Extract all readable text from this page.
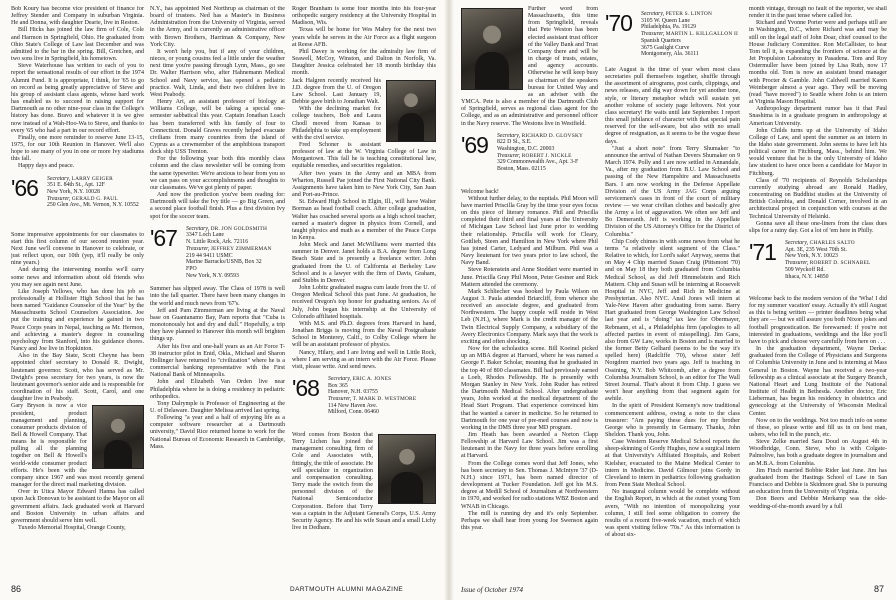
Bob Koury has become vice president of finance for Jeffrey Stender and Company in suburban Virginia. He and Donna, with daughter Dearie, live in Reston.

Bill Hicks has joined the law firm of Cole, Cole and Harmon in Springfield, Ohio. He graduated from Ohio State's College of Law last December and was admitted to the bar in the spring. Bill, Gretchen, and two sons live in Springfield, his hometown.

Steve Waterhouse has written to each of you to report the sensational results of our effort in the 1974 Alumni Fund. It is appropriate, I think, for '65 to go on record as being greatly appreciative of Steve and his group of assistant class agents, whose hard work has enabled us to succeed in raising support for Dartmouth as no other nine-year class in the College's history has done. Bravo and whatever it is we give now instead of a Wah-Hoo-Wa to Steve, and thanks to every '65 who had a part in our record effort.

Finally, one more reminder to reserve June 13-15, 1975, for our 10th Reunion in Hanover. We'll also hope to see many of you in one or more Ivy stadiums this fall.

Happy days and peace.

'66 Secretary, LARRY GEIGER
351 E. 84th St., Apt. 12F
New York, N.Y. 10028
Treasurer, GERALD G. PAUL
250 Glen Ave., Mt. Vernon, N.Y. 10552

Some impressive appointments for our classmates to start this first column of our second reunion year. Next June we'll convene in Hanover to celebrate, or just reflect upon, our 10th (yep, it'll really be only nine years.)

And during the intervening months we'll carry some news and information about old friends who you may see again next June.

Like Joseph Yellows, who has done his job so professionally at Hollister High School that he has been named "Guidance Counselor of the Year" by the Massachusetts School Counselors Association. Joe put the training and experience he gained in two Peace Corps years in Nepal, teaching as Mr. Hermon, and achieving a master's degree in counseling psychology from Stanford, into his guidance chores. Nancy and Joe live in Hopkinton.

Also in the Bay State, Scott Cheyne has been appointed chief secretary to Donald R. Dwight, lieutenant governor. Scott, who has served as Mr. Dwight's press secretary for two years, is now the lieutenant governor's senior aide and is responsible for coordination of his staff. Scott, Carol, and one daughter live in Peabody.

Gary Bryson is now a vice president, product management and planning, consumer products division of Bell & Howell Company. That means he is responsible for pulling all the planning together on Bell & Howell's world-wide consumer product efforts. He's been with the company since 1967 and was most recently general manager for the direct mail marketing division.

Over in Utica Mayor Edward Hanna has called upon Jack Donovan to be assistant to the Mayor on all government affairs. Jack graduated work at Harvard and Boston University in urban affairs and government should serve him well.

Tuxedo Memorial Hospital, Orange County,

N.Y., has appointed Ned Northrup as chairman of the board of trustees. Ned has a Master's in Business Administration from the University of Virginia, served in the Army, and is currently an administrative officer with Brown Brothers, Harriman & Company, New York City.

It won't help you, but if any of your children, nieces, or young cousins feel a little under the weather next time you're passing through Lynn, Mass., go see Dr. Walter Harrison who, after Hahnemann Medical School and Navy service, has opened a pediatric practice. Walt, Linda, and their two children live in West Peabody.

Henry Art, an assistant professor of biology at Williams College, will be taking a special one-semester sabbatical this year. Captain Jonathan Leach has been transferred with his family of four to Connecticut. Donald Graves recently helped evacuate civilians from many countries from the island of Cyprus as a crewmember of the amphibious transport dock ship USS Trenton.

For the following year both this monthly class column and the class newsletter will be coming from the same typewriter. We're anxious to hear from you so we can pass on your accomplishments and thoughts to our classmates. We've got plenty of paper.

And now the prediction you've been reading for: Dartmouth will take the Ivy title — go Big Green, and a second place football finish. Plus a first division Ivy spot for the soccer team.

'67 Secretary, DR. JON GOLDSMITH
3347 Loch Lane
N. Little Rock, Ark. 72116
Treasurer, JEFFREY ZIMMERMAN
219 44 9411 USMC
Marine Barracks/USNB, Box 32
FPO
New York, N.Y. 09593

Summer has slipped away. The Class of 1978 is well into the fall quarter. There have been many changes in the world and much news from '67's.

Jeff and Pam Zimmerman are living at the Naval base on Guantanamo Bay, Pam reports that "Cuba is monotonously hot and dry and dull." Hopefully, a trip they have planned to Hanover this month will brighten things up.

After his five and one-half years as an Air Force T-38 instructor pilot in Enid, Okla., Michael and Sharon Hollinger have returned to "civilization" where he is a commercial banking representative with the First National Bank of Minneapolis.

John and Elizabeth Van Orden live near Philadelphia where he is doing a residency in pediatric orthopedics.

Tony Dalrymple is Professor of Engineering at the U. of Delaware. Daughter Melissa arrived last spring.

Following "a year and a half of enjoying life as a computer software researcher at a Dartmouth university," David Rice returned home to work for the National Bureau of Economic Research in Cambridge, Mass.

Roger Branham is some four months into his four-year orthopedic surgery residency at the University Hospital in Madison, Wis.

Texas will be home for Wes Mabry for the next two years while he serves in the Air Force as a flight surgeon at Reese AFB.

Phil Davey is working for the admiralty law firm of Seawell, McCoy, Winston, and Dalton in Norfolk, Va. Daughter Jessica celebrated her 18 month birthday this month.

Jack Halgren recently received his J.D. degree from the U. of Oregon Law School. Last January 19, Debbie gave birth to Jonathan Walt.

With the declining market for college teachers, Bob and Laura Chodl moved from Kansas to Philadelphia to take up employment with the civil service.

Fred Schoner is assistant professor of law at the W. Virginia College of Law in Morgantown. This fall he is teaching constitutional law, equitable remedies, and securities regulation.

After two years in the Army and an MBA from Wharton, Russell Pae joined the First National City Bank. Assignments have taken him to New York City, San Juan and Port-au-Prince.

St. Edward High School in Elgin, Ill., will have Walter Borman as head football coach. After college graduation, Walter has coached several sports as a high school teacher, earned a master's degree in physics from Cornell, and taught physics and math as a member of the Peace Corps in Kenya.

John Meck and Janet McWilliams were married this summer in Denver. Janet holds a B.A. degree from Long Beach State and is presently a freelance writer. John graduated from the U. of California at Berkeley Law School and is a lawyer with the firm of Davis, Graham, and Stubbs in Denver.

John Lobitz graduated magna cum laude from the U. of Oregon Medical School this past June. At graduation, he received Oregon's top honor for graduating seniors. As of July, John began his internship at the University of Colorado affiliated hospitals.

With M.S. and Ph.D. degrees from Harvard in hand, Jonathan Briggs is moving from the Naval Postgraduate School in Monterey, Calif., to Colby College where he will be an assistant professor of physics.

Nancy, Hilary, and I are living and well in Little Rock, where I am serving as an intern with the Air Force. Please visit, please write. And send news.

'68 Secretary, ERIC A. JONES
Box 365
Hanover, N.H. 03755
Treasurer, T. MARK D. WESTMORE
114 New Haven Ave.
Milford, Conn. 06460

Word comes from Boston that Terry Lichen has joined the management consulting firm of Cole and Associates with, fittingly, the title of associate. He will specialize in organization and compensation consulting. Terry made the switch from the personnel division of the National Semiconductor Corporation. Before that Terry was a captain in the Adjutant General's Corps, U.S. Army Security Agency. He and his wife Susan and a small Lichy live in Dedham.

Further word from Massachusetts, this time from Springfield, reveals that Pete Weston has been elected assistant trust officer of the Valley Bank and Trust Company there and will be in charge of trusts, estates, and agency accounts. Otherwise he will keep busy as chairman of the speakers bureau for United Way and as an adviser with the YMCA. Pete is also a member of the Dartmouth Club of Springfield, serves as regional class agent for the College, and as an administrative and personnel officer in the Navy reserve. The Westons live in Westfield.

'69 Secretary, RICHARD D. GLOVSKY
822 D St., S.E.
Washington, D.C. 20003
Treasurer, ROBERT J. NICKLE
329 Commonwealth Ave., Apt. 3-F
Boston, Mass. 02115

Welcome back!

Without further delay, to the nuptials. Phil Moon will have married Priscilla Gray by the time your eyes focus on this piece of literary romance. Phil and Priscilla completed their third and final years at the University of Michigan Law School last June prior to wedding their relationship. Priscilla will work for Cleary, Gottlieb, Steen and Hamilton in New York where Phil has joined Carter, Ledyard and Milburn. Phil was a Navy lieutenant for two years prior to law school, the Navy Band.

Steve Rotenstein and Anne Stoddart were married in June. Priscilla Gray Phil Moon, Peter Gestner and Rick Mattern attended the ceremony.

Mark Schliecher was hooked by Paula Wilson on August 3. Paula attended Briarcliff, from whence she received an associate degree, and graduated from Northwestern. The happy couple will reside in West Leb (N.H.), where Mark is the credit manager of the Twin Electrical Supply Company, a subsidiary of the Avery Electronics Company. Mark says that the work is exciting and often shocking.

Now for the scholastics scene. Bill Koeinel picked up an MBA degree at Harvard, where he was named a George F. Baker Scholar, meaning that he graduated in the top 40 of 800 classmates. Bill had previously earned a Loeb, Rhodes Fellowship. He is presently with Morgan Stanley in New York. John Ruder has retired the Dartmouth Medical School. After undergraduate years, John worked at the medical department of the Head Start Program. That experience convinced him that he wanted a career in medicine. So he returned to Dartmouth for one year of pre-med courses and now is working in the DMS three year MD program.

Jim Heath has been awarded a Norton Clapp Fellowship at Harvard Law School. Jim was a first lieutenant in the Navy for three years before enrolling at Harvard.

From the College comes word that Jeff Jones, who has been secretary to Sen. Thomas J. McIntyre '37 (D-N.H.) since 1971, has been named director of development at Tucker Foundation. Jeff got his M.S. degree at Medill School of Journalism at Northwestern in 1970, and worked for radio stations WBZ Boston and WNAB in Chicago.

The mill is running dry and it's only September. Perhaps we shall hear from young Joe Swenson again this year.

'70 Secretary, PETER S. LINTON
3105 W. Queen Lane
Philadelphia, Pa. 19129
Treasurer, MARTIN L. KILLGALLON II
Spanish Quarters
3675 Gaslight Curve
Montgomery, Ala. 36111

Late August is the time of year when most class secretaries pull themselves together, shuffle through the assortment of airograms, post cards, clippings, and news releases, and dig way down for yet another tone, style, or literary metaphor which will sustain yet another volume of society page leftovers. Not your class secretary! He waits until late September. I report this small jubilance of character with that special pain reserved for the self-aware, but also with no small degree of resignation, as it seems to be the vogue these days.

"Just a short note" from Terry Shumaker "to announce the arrival of Nathan Devers Shumaker on 9 March 1974. Polly and I are now settled in Annandale, Va., after my graduation from B.U. Law School and passing of the New Hampshire and Massachusetts Bars. I am now working in the Defense Appellate Division of the US Army JAG Corps arguing servicemen's cases in front of the court of military review — we wear civilian clothes and basically give the Army a lot of aggravation. We often see Jeff and Bo Demeranth. Jeff is working in the Appellate Division of the US Attorney's Office for the District of Columbia."

Chip Cody chimes in with some news from what he terms "a relatively silent segment of the Class." Relative to which, for Lord's sake! Anyway, seems that on May 4 Chip married Susan Craig (Pittsmont '70) and on May 18 they both graduated from Columbia Medical School, as did Jeff Himmelstein and Rich Mattern. Chip and Susan will be interning at Roosevelt Hospital in NYC, Jeff and Rich in Medicine at Presbyterian. Also NYC. Ansil Jones will intern at Yale-New Haven after graduating from same. Barry Hart graduated from George Washington Law School last year and is "doing" tax law for Obermayer, Rebmann, et al., a Philadelphia firm (apologies to all affected parties in event of misspelling). Jim Gans, also from GW Law, works in Boston and is married to the former Betty Gelhard (seems to be the way it's spelled here) (Radcliffe '70), whose sister Jeff Norgdren married two years ago. Jeff is teaching in Ossining, N.Y. Bob Whitcomb, after a degree from Columbia Journalism School, is an editor for The Wall Street Journal. That's about it from Chip. I guess we won't hear anything from that segment again for awhile.

In the spirit of President Kemeny's now traditional commencement address, owing a note to the class treasurer: "Am paying these dues for my brother George who is presently in Germany. Thanks, John Sheldon. Thank you, John.

Case Western Reserve Medical School reports the sheep-skinning of Gordy Hughes, now a surgical intern at that University's Affiliated Hospitals, and Robert Kielsher, evacuated to the Maine Medical Center to intern in Medicine. David Gilmour joins Gordy in Cleveland to intern in pediatrics following graduation from Penn State Medical School.

No inaugural column would be complete without the English Report, in which at the outset young Tom avers, "With no intention of monopolizing your column, I still feel some obligation to convey the results of a recent five-week vacation, much of which was spent visiting fellow '70s." As this information is of about six-

month vintage, through no fault of the reporter, we shall render it in the past tense where called for.

Richard and Yvonne Porter were and perhaps still are in Washington, D.C., where Richard was and may be still on the legal staff of John Doar, chief counsel to the House Judiciary Committee. Ron McCallister, to hear Tom tell it, is expanding the frontiers of science at the Jet Propulsion Laboratory in Pasadena. Tom and Roy Ostermuller have been joined by Lisa Ruth, now 17 months old. Tom is now an assistant brand manager with Procter & Gamble. John Caldwell married Karen Weinberger almost a year ago. They will be moving (read "have moved") to Seattle where John is an intern at Virginia Mason Hospital.

Anthropology department rumor has it that Paul Snashima is in a graduate program in anthropology at American University.

John Childs turns up at the University of Idaho College of Law, and spent the summer as an intern in the Idaho state government. John seems to have left his political career in Fitchburg, Mass., behind him. We would venture that he is the only University of Idaho law student to have once been a candidate for Mayor in Fitchburg.

Class of '70 recipients of Reynolds Scholarships currently studying abroad are Ronald Hadley, concentrating on Buddhist studies at the University of British Columbia, and Donald Corner, involved in an architectural project in conjunction with courses at the Technical University of Helsinki.

Gonna save all these one-liners from the class dues slips for a rainy day. Got a lot of 'em here in Philly.

'71 Secretary, CHARLES SALTO
Apt. 3E, 235 West 70th St.
New York, N.Y. 10023
Treasurer, ROBERT D. SCHNABEL
509 Wyckoff Rd.
Ithaca, N.Y. 14850

Welcome back to the modern version of the 'Wha! I did for my summer vacation' essay. Actually it's still August as this is being written — printer deadlines being what they are — but we still assure you both Nixon jokes and football prognostication. Be forewarned: if you're not interested in graduations, weddings and the like you'll have to pick and choose very carefully from here on . . .

In the graduation department, Wayne Derkac graduated from the College of Physicians and Surgeons of Columbia University in June and is interning at Mass General in Boston. Wayne has received a two-year fellowship as a clinical associate at the Surgery Branch, National Heart and Lung Institute of the National Institute of Health in Bethesda. Another doctor, Eric Lieberman, has begun his residency in obstetrics and gynecology at the University of Wisconsin Medical Center.

Now on to the weddings. Not too much info on some of these, so please write and fill us in on best man, ushers, who fell in the punch, etc.

Steve Zelke married Sara Doud on August 4th in Woodbridge, Conn. Steve, who is with Colgate-Palmolive, has both a graduate degree in journalism and an M.B.A. from Columbia.

Jim Finch married Bobbie Rider last June. Jim has graduated from the Hastings School of Law in San Francisco and Debbie is Skidmore grad. She is pursuing an education from the University of Virginia.

Don Beers and Debbie Merkamp was the olde-wedding-of-the-month award by a full

86	DARTMOUTH ALUMNI MAGAZINE	Issue of October 1974	87
